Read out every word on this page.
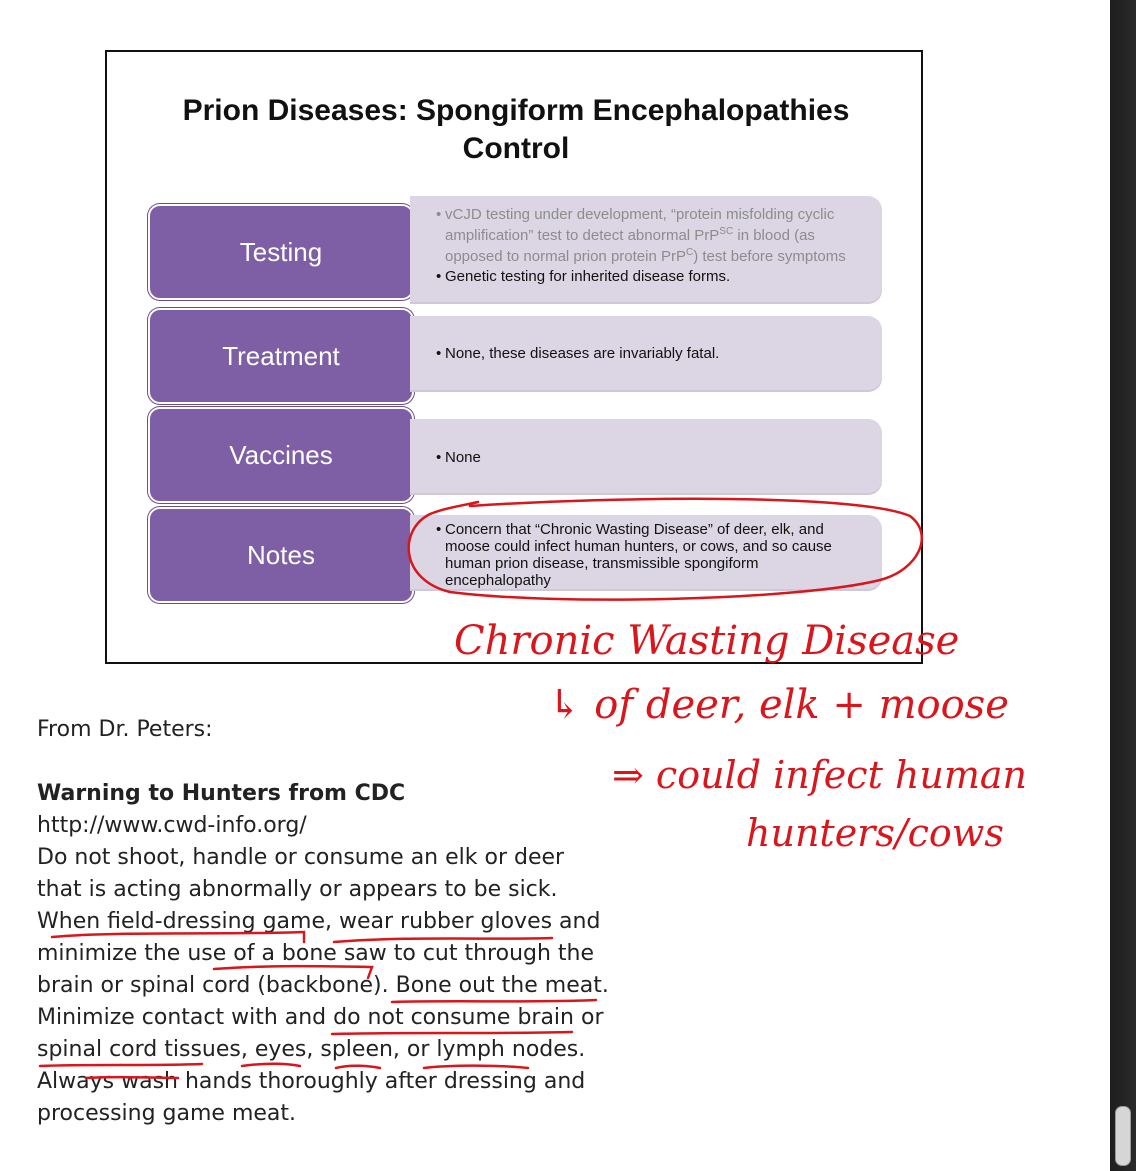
Prion Diseases: Spongiform Encephalopathies
Control
Testing
• vCJD testing under development, “protein misfolding cyclic amplification” test to detect abnormal PrP$^{SC}$ in blood (as opposed to normal prion protein PrP$^C$) test before symptoms
• Genetic testing for inherited disease forms.
Treatment	• None, these diseases are invariably fatal.
Vaccines	• None
Notes
• Concern that “Chronic Wasting Disease” of deer, elk, and moose could infect human hunters, or cows, and so cause human prion disease, transmissible spongiform encephalopathy
From Dr. Peters:
Warning to Hunters from CDC
http://www.cwd-info.org/
Do not shoot, handle or consume an elk or deer
that is acting abnormally or appears to be sick.
When field-dressing game, wear rubber gloves and
minimize the use of a bone saw to cut through the
brain or spinal cord (backbone). Bone out the meat.
Minimize contact with and do not consume brain or
spinal cord tissues, eyes, spleen, or lymph nodes.
Always wash hands thoroughly after dressing and
processing game meat.
Chronic Wasting Disease
↳ of deer, elk + moose
⇒ could infect human
hunters/cows
